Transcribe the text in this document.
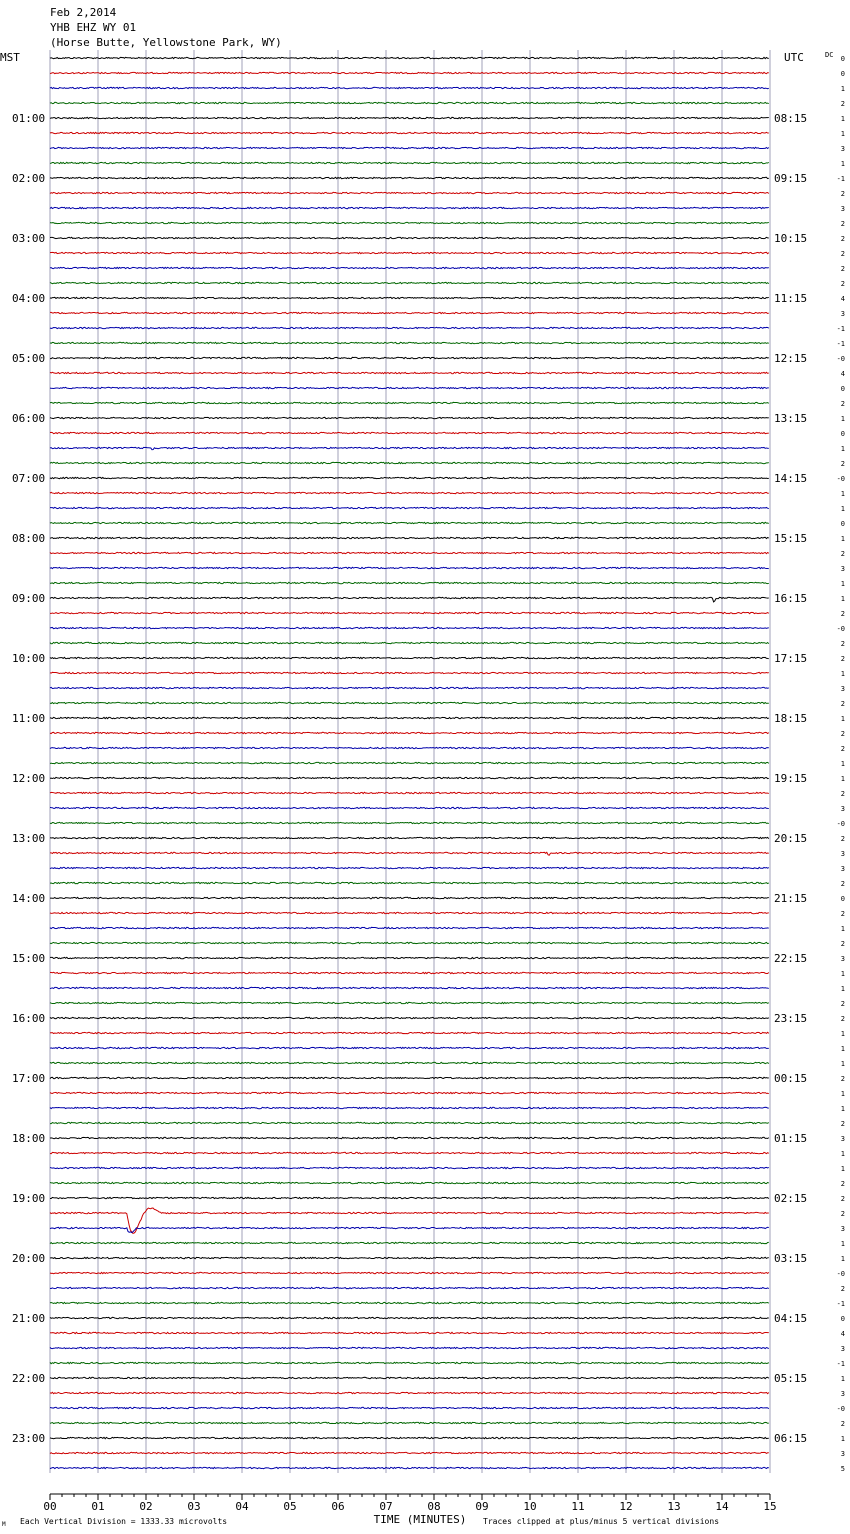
Feb 2,2014
YHB EHZ WY 01
(Horse Butte, Yellowstone Park, WY)
MST	UTC	DC
01:00
02:00
03:00
04:00
05:00
06:00
07:00
08:00
09:00
10:00
11:00
12:00
13:00
14:00
15:00
16:00
17:00
18:00
19:00
20:00
21:00
22:00
23:00
08:15
09:15
10:15
11:15
12:15
13:15
14:15
15:15
16:15
17:15
18:15
19:15
20:15
21:15
22:15
23:15
00:15
01:15
02:15
03:15
04:15
05:15
06:15
0
0
1
2
1
1
3
1
-1
2
3
2
2
2
2
2
4
3
-1
-1
-0
4
0
2
1
0
1
2
-0
1
1
0
1
2
3
1
1
2
-0
2
2
1
3
2
1
2
2
1
1
2
3
-0
2
3
3
2
0
2
1
2
3
1
1
2
2
1
1
1
2
1
1
2
3
1
1
2
2
2
3
1
1
-0
2
-1
0
4
3
-1
1
3
-0
2
1
3
5
00	01	02	03	04	05	06	07	08	09	10	11	12	13	14	15
TIME (MINUTES)
Each Vertical Division = 1333.33 microvolts	Traces clipped at plus/minus 5 vertical divisions
M
